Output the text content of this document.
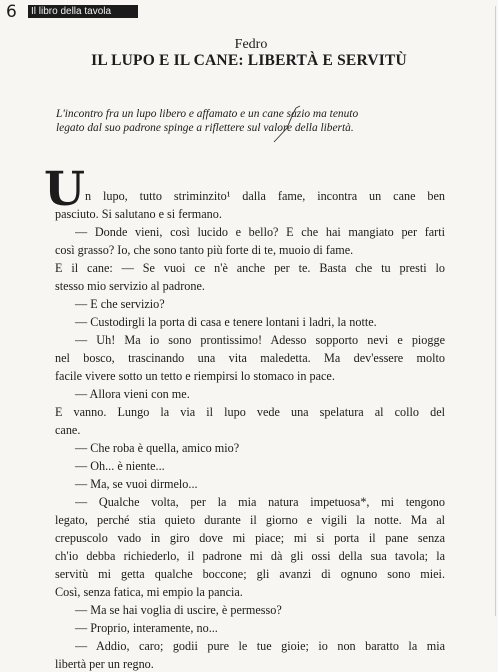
6	Il libro della tavola
Fedro
IL LUPO E IL CANE: LIBERTÀ E SERVITÙ
L'incontro fra un lupo libero e affamato e un cane sazio ma tenuto
legato dal suo padrone spinge a riflettere sul valore della libertà.
U n lupo, tutto striminzito¹ dalla fame, incontra un cane ben
pasciuto. Si salutano e si fermano.
— Donde vieni, così lucido e bello? E che hai mangiato per farti
così grasso? Io, che sono tanto più forte di te, muoio di fame.
E il cane: — Se vuoi ce n'è anche per te. Basta che tu presti lo
stesso mio servizio al padrone.
— E che servizio?
— Custodirgli la porta di casa e tenere lontani i ladri, la notte.
— Uh! Ma io sono prontissimo! Adesso sopporto nevi e piogge
nel bosco, trascinando una vita maledetta. Ma dev'essere molto
facile vivere sotto un tetto e riempirsi lo stomaco in pace.
— Allora vieni con me.
E vanno. Lungo la via il lupo vede una spelatura al collo del
cane.
— Che roba è quella, amico mio?
— Oh... è niente...
— Ma, se vuoi dirmelo...
— Qualche volta, per la mia natura impetuosa*, mi tengono
legato, perché stia quieto durante il giorno e vigili la notte. Ma al
crepuscolo vado in giro dove mi piace; mi si porta il pane senza
ch'io debba richiederlo, il padrone mi dà gli ossi della sua tavola; la
servitù mi getta qualche boccone; gli avanzi di ognuno sono miei.
Così, senza fatica, mi empio la pancia.
— Ma se hai voglia di uscire, è permesso?
— Proprio, interamente, no...
— Addio, caro; godii pure le tue gioie; io non baratto la mia
libertà per un regno.
